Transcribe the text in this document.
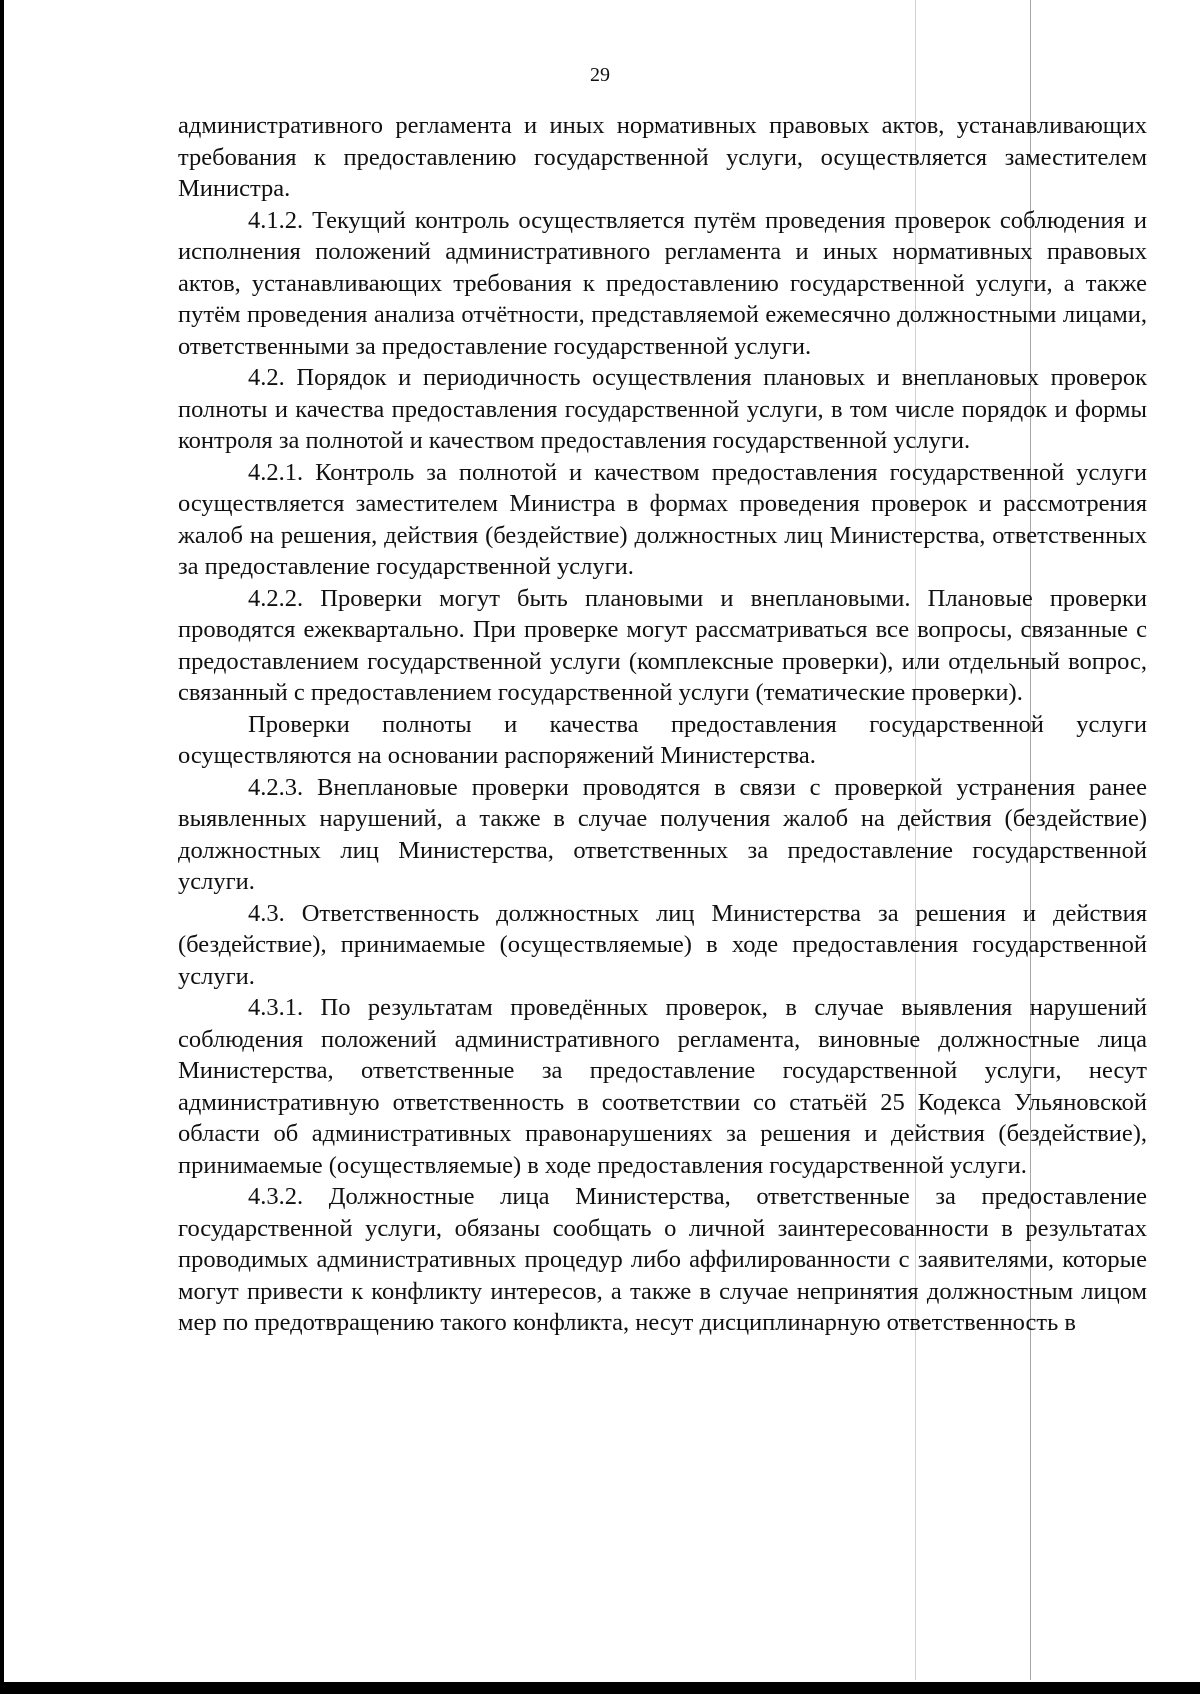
29

административного регламента и иных нормативных правовых актов, устанавливающих требования к предоставлению государственной услуги, осуществляется заместителем Министра.

4.1.2. Текущий контроль осуществляется путём проведения проверок соблюдения и исполнения положений административного регламента и иных нормативных правовых актов, устанавливающих требования к предоставлению государственной услуги, а также путём проведения анализа отчётности, представляемой ежемесячно должностными лицами, ответственными за предоставление государственной услуги.

4.2. Порядок и периодичность осуществления плановых и внеплановых проверок полноты и качества предоставления государственной услуги, в том числе порядок и формы контроля за полнотой и качеством предоставления государственной услуги.

4.2.1. Контроль за полнотой и качеством предоставления государственной услуги осуществляется заместителем Министра в формах проведения проверок и рассмотрения жалоб на решения, действия (бездействие) должностных лиц Министерства, ответственных за предоставление государственной услуги.

4.2.2. Проверки могут быть плановыми и внеплановыми. Плановые проверки проводятся ежеквартально. При проверке могут рассматриваться все вопросы, связанные с предоставлением государственной услуги (комплексные проверки), или отдельный вопрос, связанный с предоставлением государственной услуги (тематические проверки).

Проверки полноты и качества предоставления государственной услуги осуществляются на основании распоряжений Министерства.

4.2.3. Внеплановые проверки проводятся в связи с проверкой устранения ранее выявленных нарушений, а также в случае получения жалоб на действия (бездействие) должностных лиц Министерства, ответственных за предоставление государственной услуги.

4.3. Ответственность должностных лиц Министерства за решения и действия (бездействие), принимаемые (осуществляемые) в ходе предоставления государственной услуги.

4.3.1. По результатам проведённых проверок, в случае выявления нарушений соблюдения положений административного регламента, виновные должностные лица Министерства, ответственные за предоставление государственной услуги, несут административную ответственность в соответствии со статьёй 25 Кодекса Ульяновской области об административных правонарушениях за решения и действия (бездействие), принимаемые (осуществляемые) в ходе предоставления государственной услуги.

4.3.2. Должностные лица Министерства, ответственные за предоставление государственной услуги, обязаны сообщать о личной заинтересованности в результатах проводимых административных процедур либо аффилированности с заявителями, которые могут привести к конфликту интересов, а также в случае непринятия должностным лицом мер по предотвращению такого конфликта, несут дисциплинарную ответственность в
